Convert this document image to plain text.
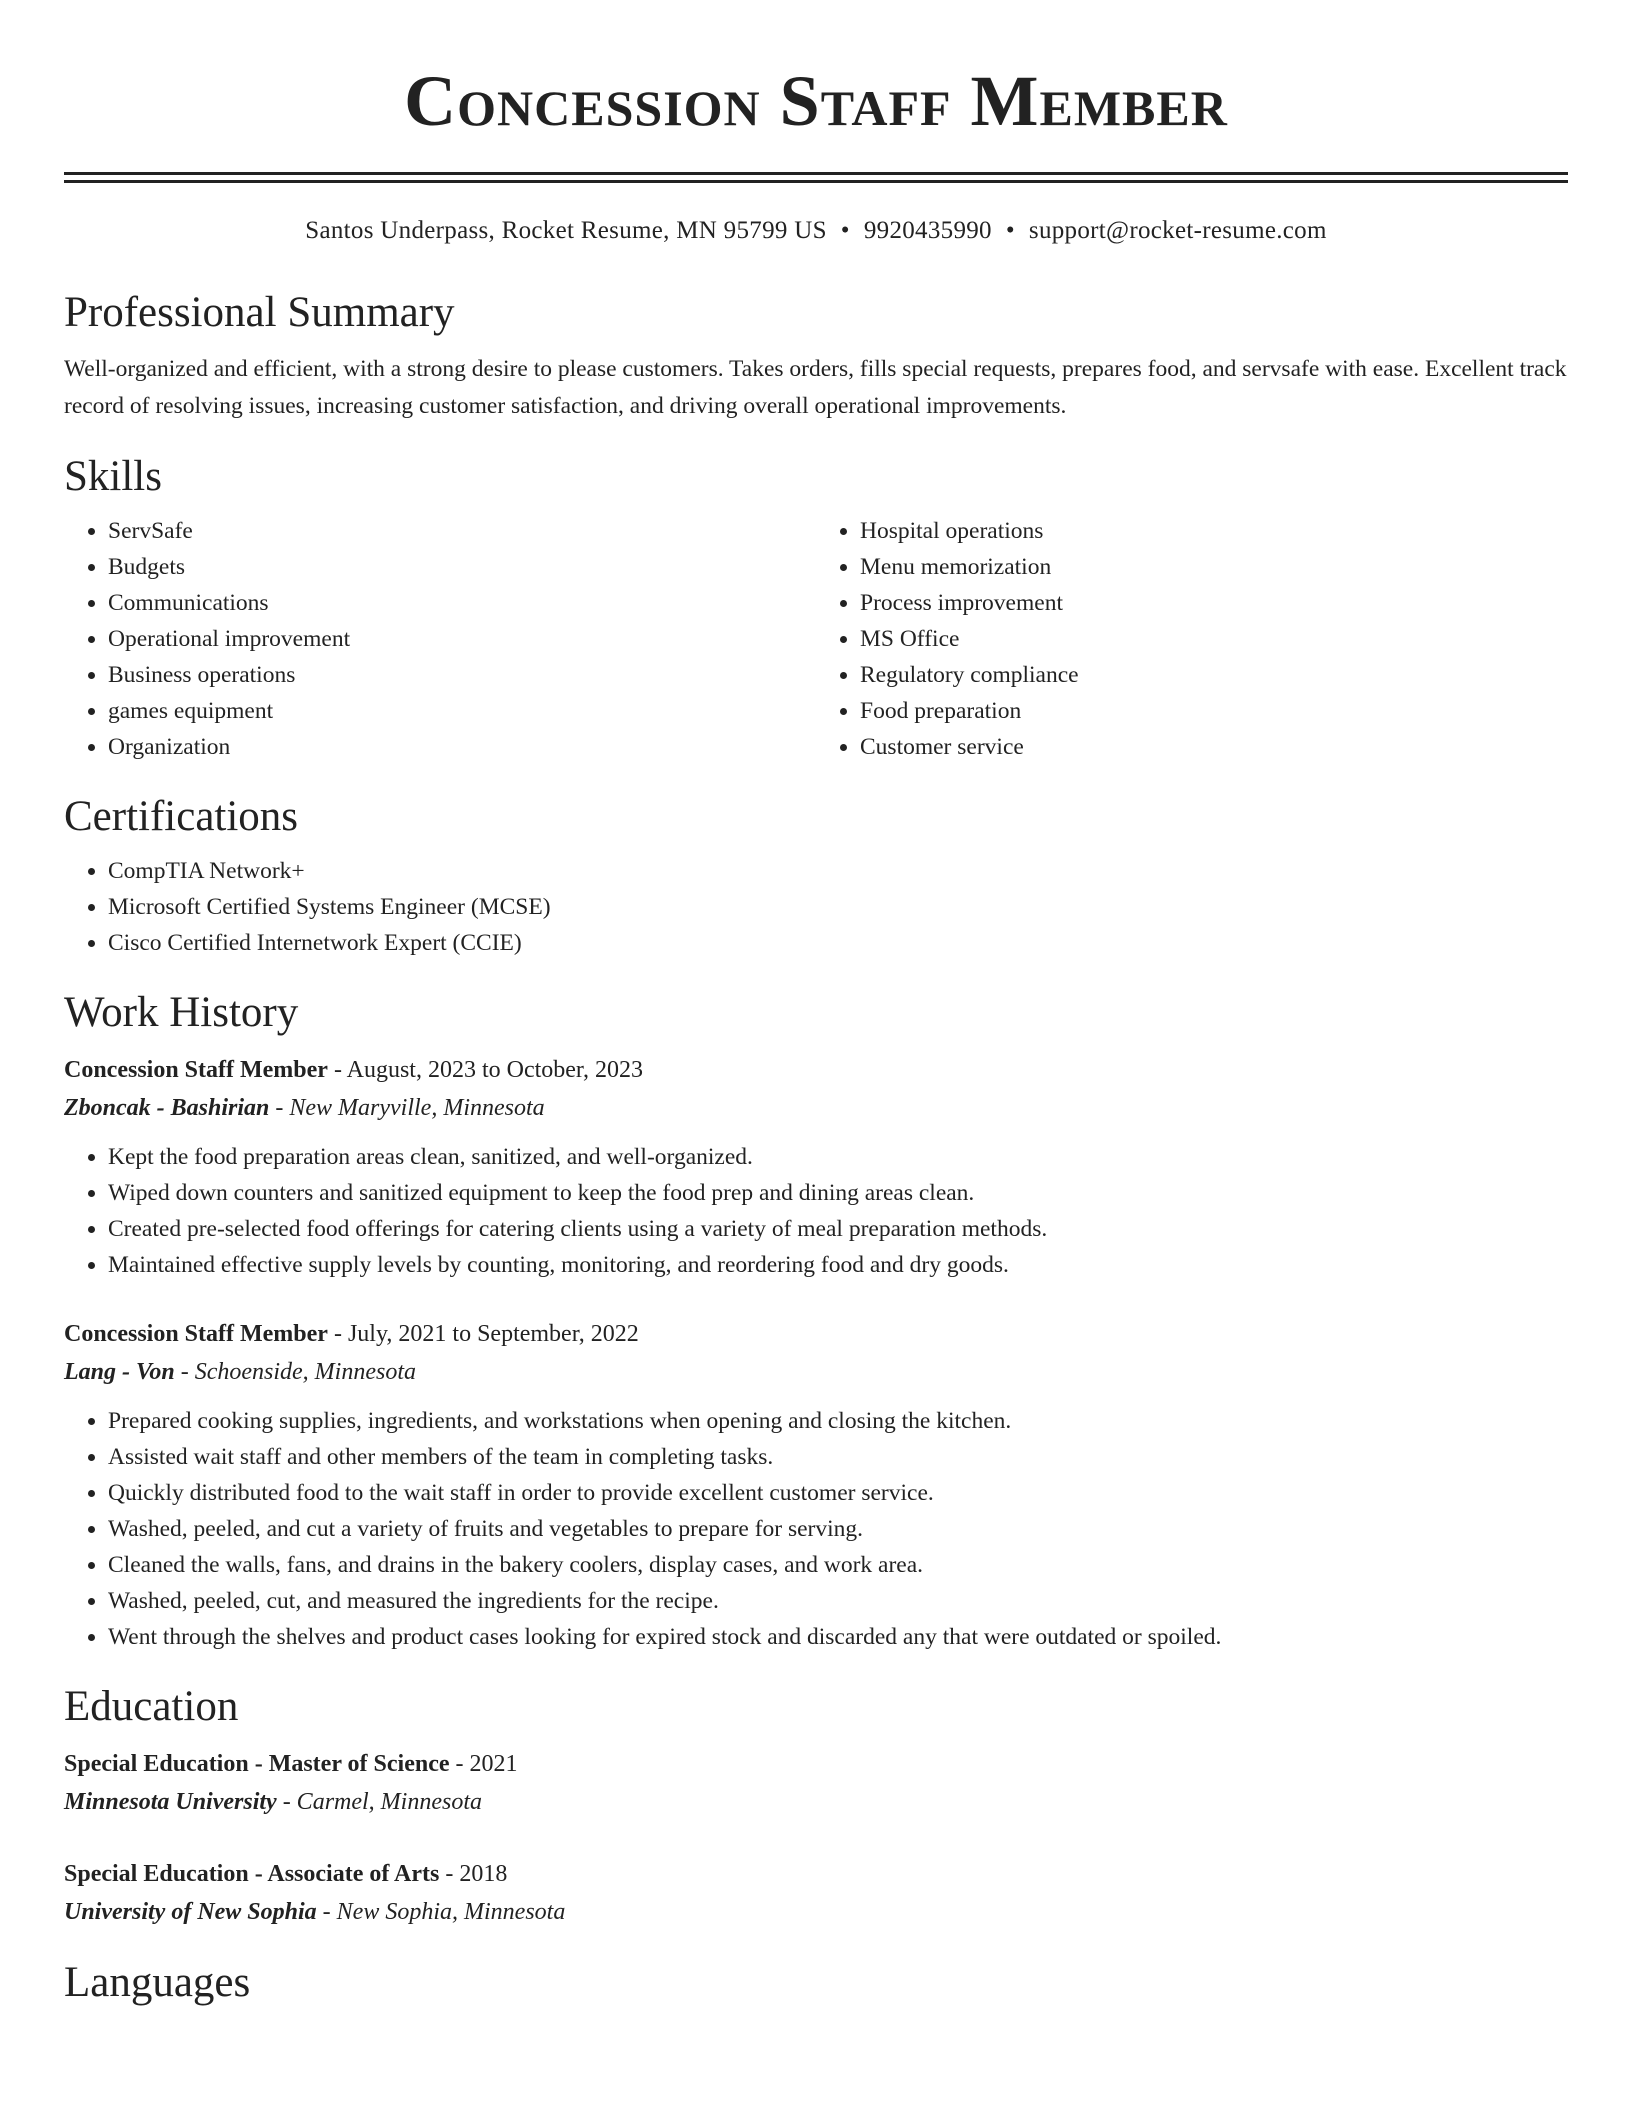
Concession Staff Member
Santos Underpass, Rocket Resume, MN 95799 US • 9920435990 • support@rocket-resume.com
Professional Summary

Well-organized and efficient, with a strong desire to please customers. Takes orders, fills special requests, prepares food, and servsafe with ease. Excellent track record of resolving issues, increasing customer satisfaction, and driving overall operational improvements.

Skills
• ServSafe
• Budgets
• Communications
• Operational improvement
• Business operations
• games equipment
• Organization
• Hospital operations
• Menu memorization
• Process improvement
• MS Office
• Regulatory compliance
• Food preparation
• Customer service
Certifications
• CompTIA Network+
• Microsoft Certified Systems Engineer (MCSE)
• Cisco Certified Internetwork Expert (CCIE)
Work History
Concession Staff Member - August, 2023 to October, 2023
Zboncak - Bashirian - New Maryville, Minnesota
• Kept the food preparation areas clean, sanitized, and well-organized.
• Wiped down counters and sanitized equipment to keep the food prep and dining areas clean.
• Created pre-selected food offerings for catering clients using a variety of meal preparation methods.
• Maintained effective supply levels by counting, monitoring, and reordering food and dry goods.
Concession Staff Member - July, 2021 to September, 2022
Lang - Von - Schoenside, Minnesota
• Prepared cooking supplies, ingredients, and workstations when opening and closing the kitchen.
• Assisted wait staff and other members of the team in completing tasks.
• Quickly distributed food to the wait staff in order to provide excellent customer service.
• Washed, peeled, and cut a variety of fruits and vegetables to prepare for serving.
• Cleaned the walls, fans, and drains in the bakery coolers, display cases, and work area.
• Washed, peeled, cut, and measured the ingredients for the recipe.
• Went through the shelves and product cases looking for expired stock and discarded any that were outdated or spoiled.
Education
Special Education - Master of Science - 2021
Minnesota University - Carmel, Minnesota
Special Education - Associate of Arts - 2018
University of New Sophia - New Sophia, Minnesota
Languages
